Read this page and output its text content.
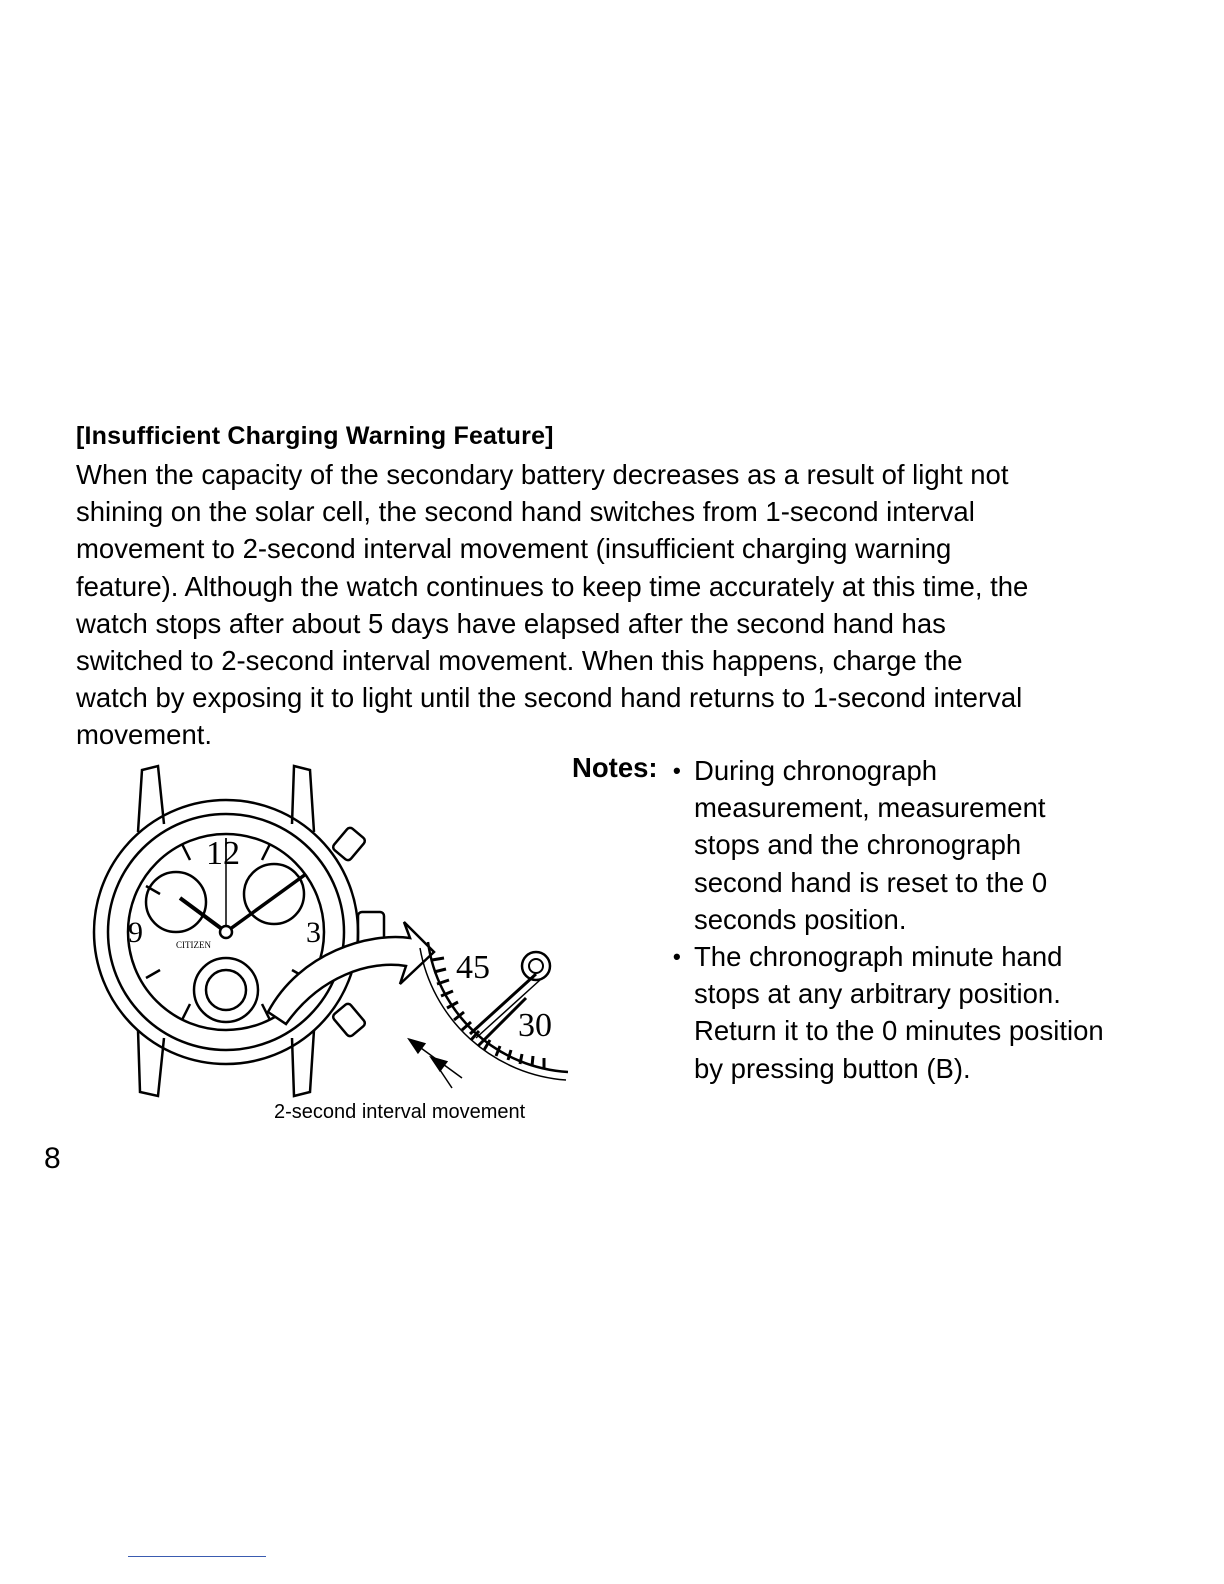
[Insufficient Charging Warning Feature]

When the capacity of the secondary battery decreases as a result of light not
shining on the solar cell, the second hand switches from 1-second interval
movement to 2-second interval movement (insufficient charging warning
feature). Although the watch continues to keep time accurately at this time, the
watch stops after about 5 days have elapsed after the second hand has
switched to 2-second interval movement. When this happens, charge the
watch by exposing it to light until the second hand returns to 1-second interval
movement.

12
3
9	CITIZEN
45
30
2-second interval movement
Notes: • During chronograph
measurement, measurement
stops and the chronograph
second hand is reset to the 0
seconds position.

• The chronograph minute hand
stops at any arbitrary position.
Return it to the 0 minutes position
by pressing button (B).

8
